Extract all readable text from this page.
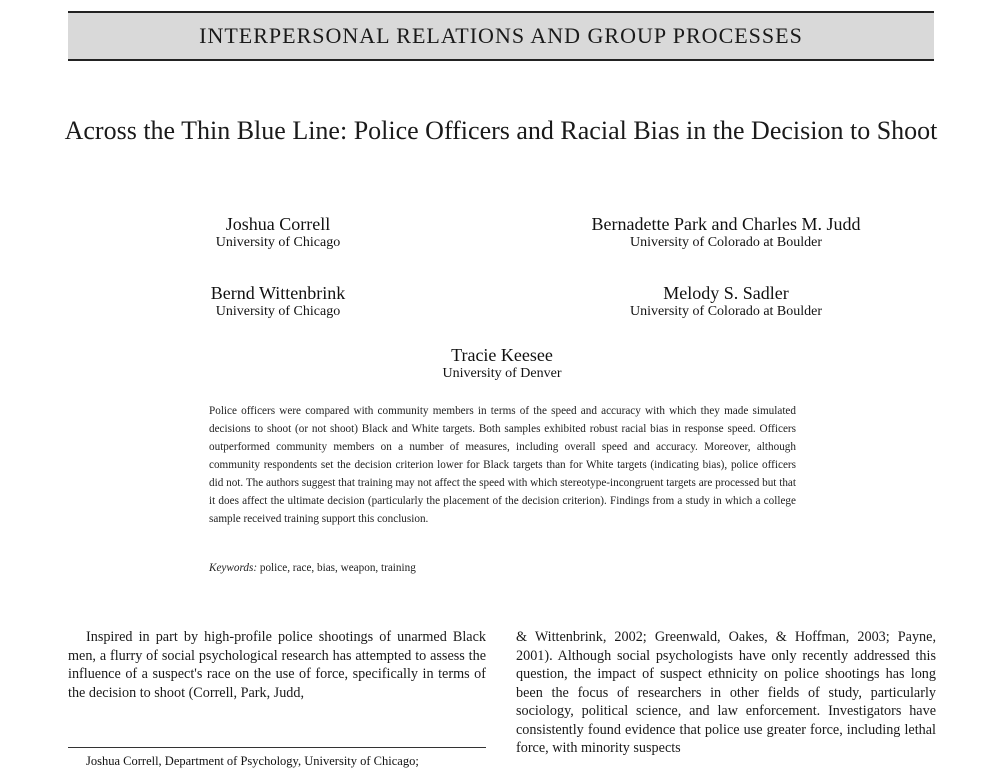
INTERPERSONAL RELATIONS AND GROUP PROCESSES
Across the Thin Blue Line: Police Officers and Racial Bias in the Decision to Shoot
Joshua Correll
University of Chicago
Bernadette Park and Charles M. Judd
University of Colorado at Boulder
Bernd Wittenbrink
University of Chicago
Melody S. Sadler
University of Colorado at Boulder
Tracie Keesee
University of Denver
Police officers were compared with community members in terms of the speed and accuracy with which they made simulated decisions to shoot (or not shoot) Black and White targets. Both samples exhibited robust racial bias in response speed. Officers outperformed community members on a number of measures, including overall speed and accuracy. Moreover, although community respondents set the decision criterion lower for Black targets than for White targets (indicating bias), police officers did not. The authors suggest that training may not affect the speed with which stereotype-incongruent targets are processed but that it does affect the ultimate decision (particularly the placement of the decision criterion). Findings from a study in which a college sample received training support this conclusion.
Keywords: police, race, bias, weapon, training
Inspired in part by high-profile police shootings of unarmed Black men, a flurry of social psychological research has attempted to assess the influence of a suspect's race on the use of force, specifically in terms of the decision to shoot (Correll, Park, Judd,
& Wittenbrink, 2002; Greenwald, Oakes, & Hoffman, 2003; Payne, 2001). Although social psychologists have only recently addressed this question, the impact of suspect ethnicity on police shootings has long been the focus of researchers in other fields of study, particularly sociology, political science, and law enforcement. Investigators have consistently found evidence that police use greater force, including lethal force, with minority suspects
Joshua Correll, Department of Psychology, University of Chicago;
